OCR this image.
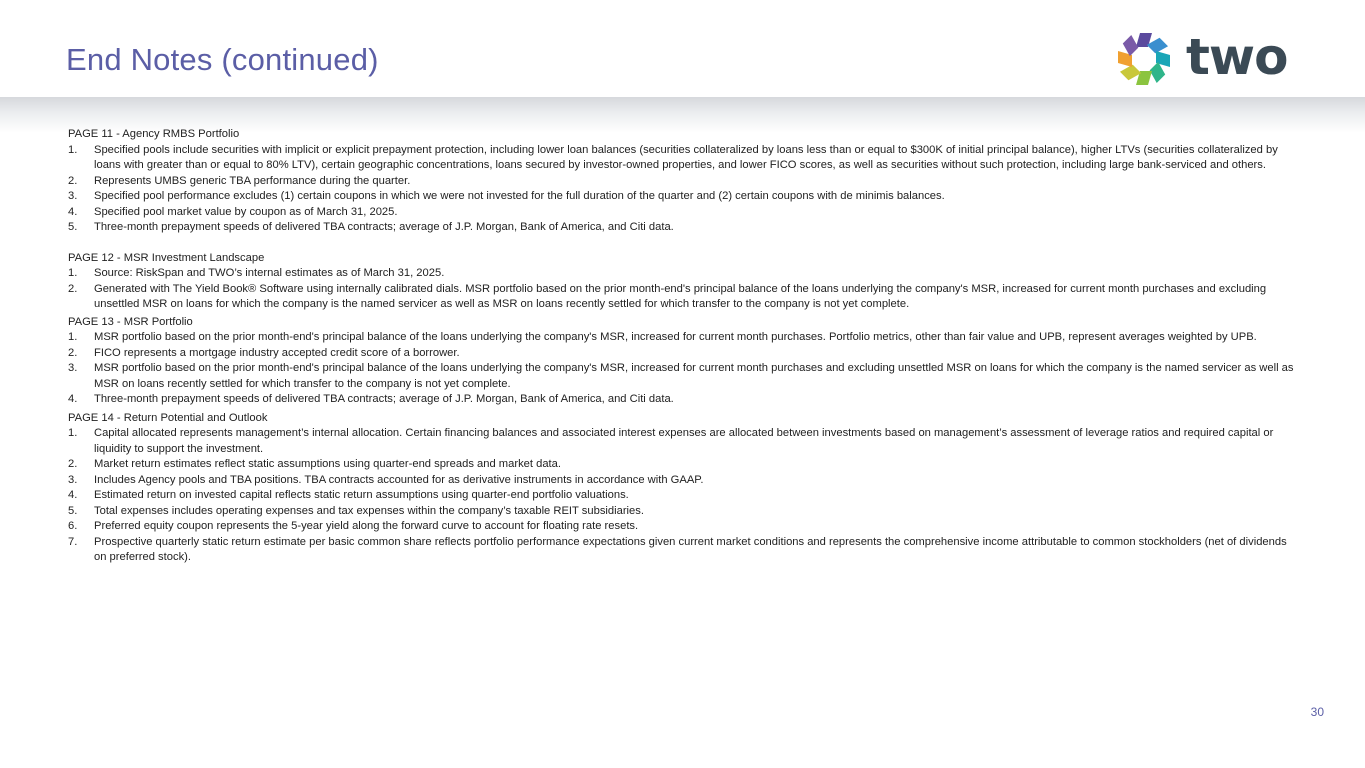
End Notes (continued)	two
PAGE 11 - Agency RMBS Portfolio
1. Specified pools include securities with implicit or explicit prepayment protection, including lower loan balances (securities collateralized by loans less than or equal to $300K of initial principal balance), higher LTVs (securities collateralized by loans with greater than or equal to 80% LTV), certain geographic concentrations, loans secured by investor-owned properties, and lower FICO scores, as well as securities without such protection, including large bank-serviced and others.
2. Represents UMBS generic TBA performance during the quarter.
3. Specified pool performance excludes (1) certain coupons in which we were not invested for the full duration of the quarter and (2) certain coupons with de minimis balances.
4. Specified pool market value by coupon as of March 31, 2025.
5. Three-month prepayment speeds of delivered TBA contracts; average of J.P. Morgan, Bank of America, and Citi data.
PAGE 12 - MSR Investment Landscape
1. Source: RiskSpan and TWO’s internal estimates as of March 31, 2025.
2. Generated with The Yield Book® Software using internally calibrated dials. MSR portfolio based on the prior month-end's principal balance of the loans underlying the company's MSR, increased for current month purchases and excluding unsettled MSR on loans for which the company is the named servicer as well as MSR on loans recently settled for which transfer to the company is not yet complete.
PAGE 13 - MSR Portfolio
1. MSR portfolio based on the prior month-end's principal balance of the loans underlying the company's MSR, increased for current month purchases. Portfolio metrics, other than fair value and UPB, represent averages weighted by UPB.
2. FICO represents a mortgage industry accepted credit score of a borrower.
3. MSR portfolio based on the prior month-end's principal balance of the loans underlying the company's MSR, increased for current month purchases and excluding unsettled MSR on loans for which the company is the named servicer as well as MSR on loans recently settled for which transfer to the company is not yet complete.
4. Three-month prepayment speeds of delivered TBA contracts; average of J.P. Morgan, Bank of America, and Citi data.
PAGE 14 - Return Potential and Outlook
1. Capital allocated represents management’s internal allocation. Certain financing balances and associated interest expenses are allocated between investments based on management’s assessment of leverage ratios and required capital or liquidity to support the investment.
2. Market return estimates reflect static assumptions using quarter-end spreads and market data.
3. Includes Agency pools and TBA positions. TBA contracts accounted for as derivative instruments in accordance with GAAP.
4. Estimated return on invested capital reflects static return assumptions using quarter-end portfolio valuations.
5. Total expenses includes operating expenses and tax expenses within the company’s taxable REIT subsidiaries.
6. Preferred equity coupon represents the 5-year yield along the forward curve to account for floating rate resets.
7. Prospective quarterly static return estimate per basic common share reflects portfolio performance expectations given current market conditions and represents the comprehensive income attributable to common stockholders (net of dividends on preferred stock).
30
